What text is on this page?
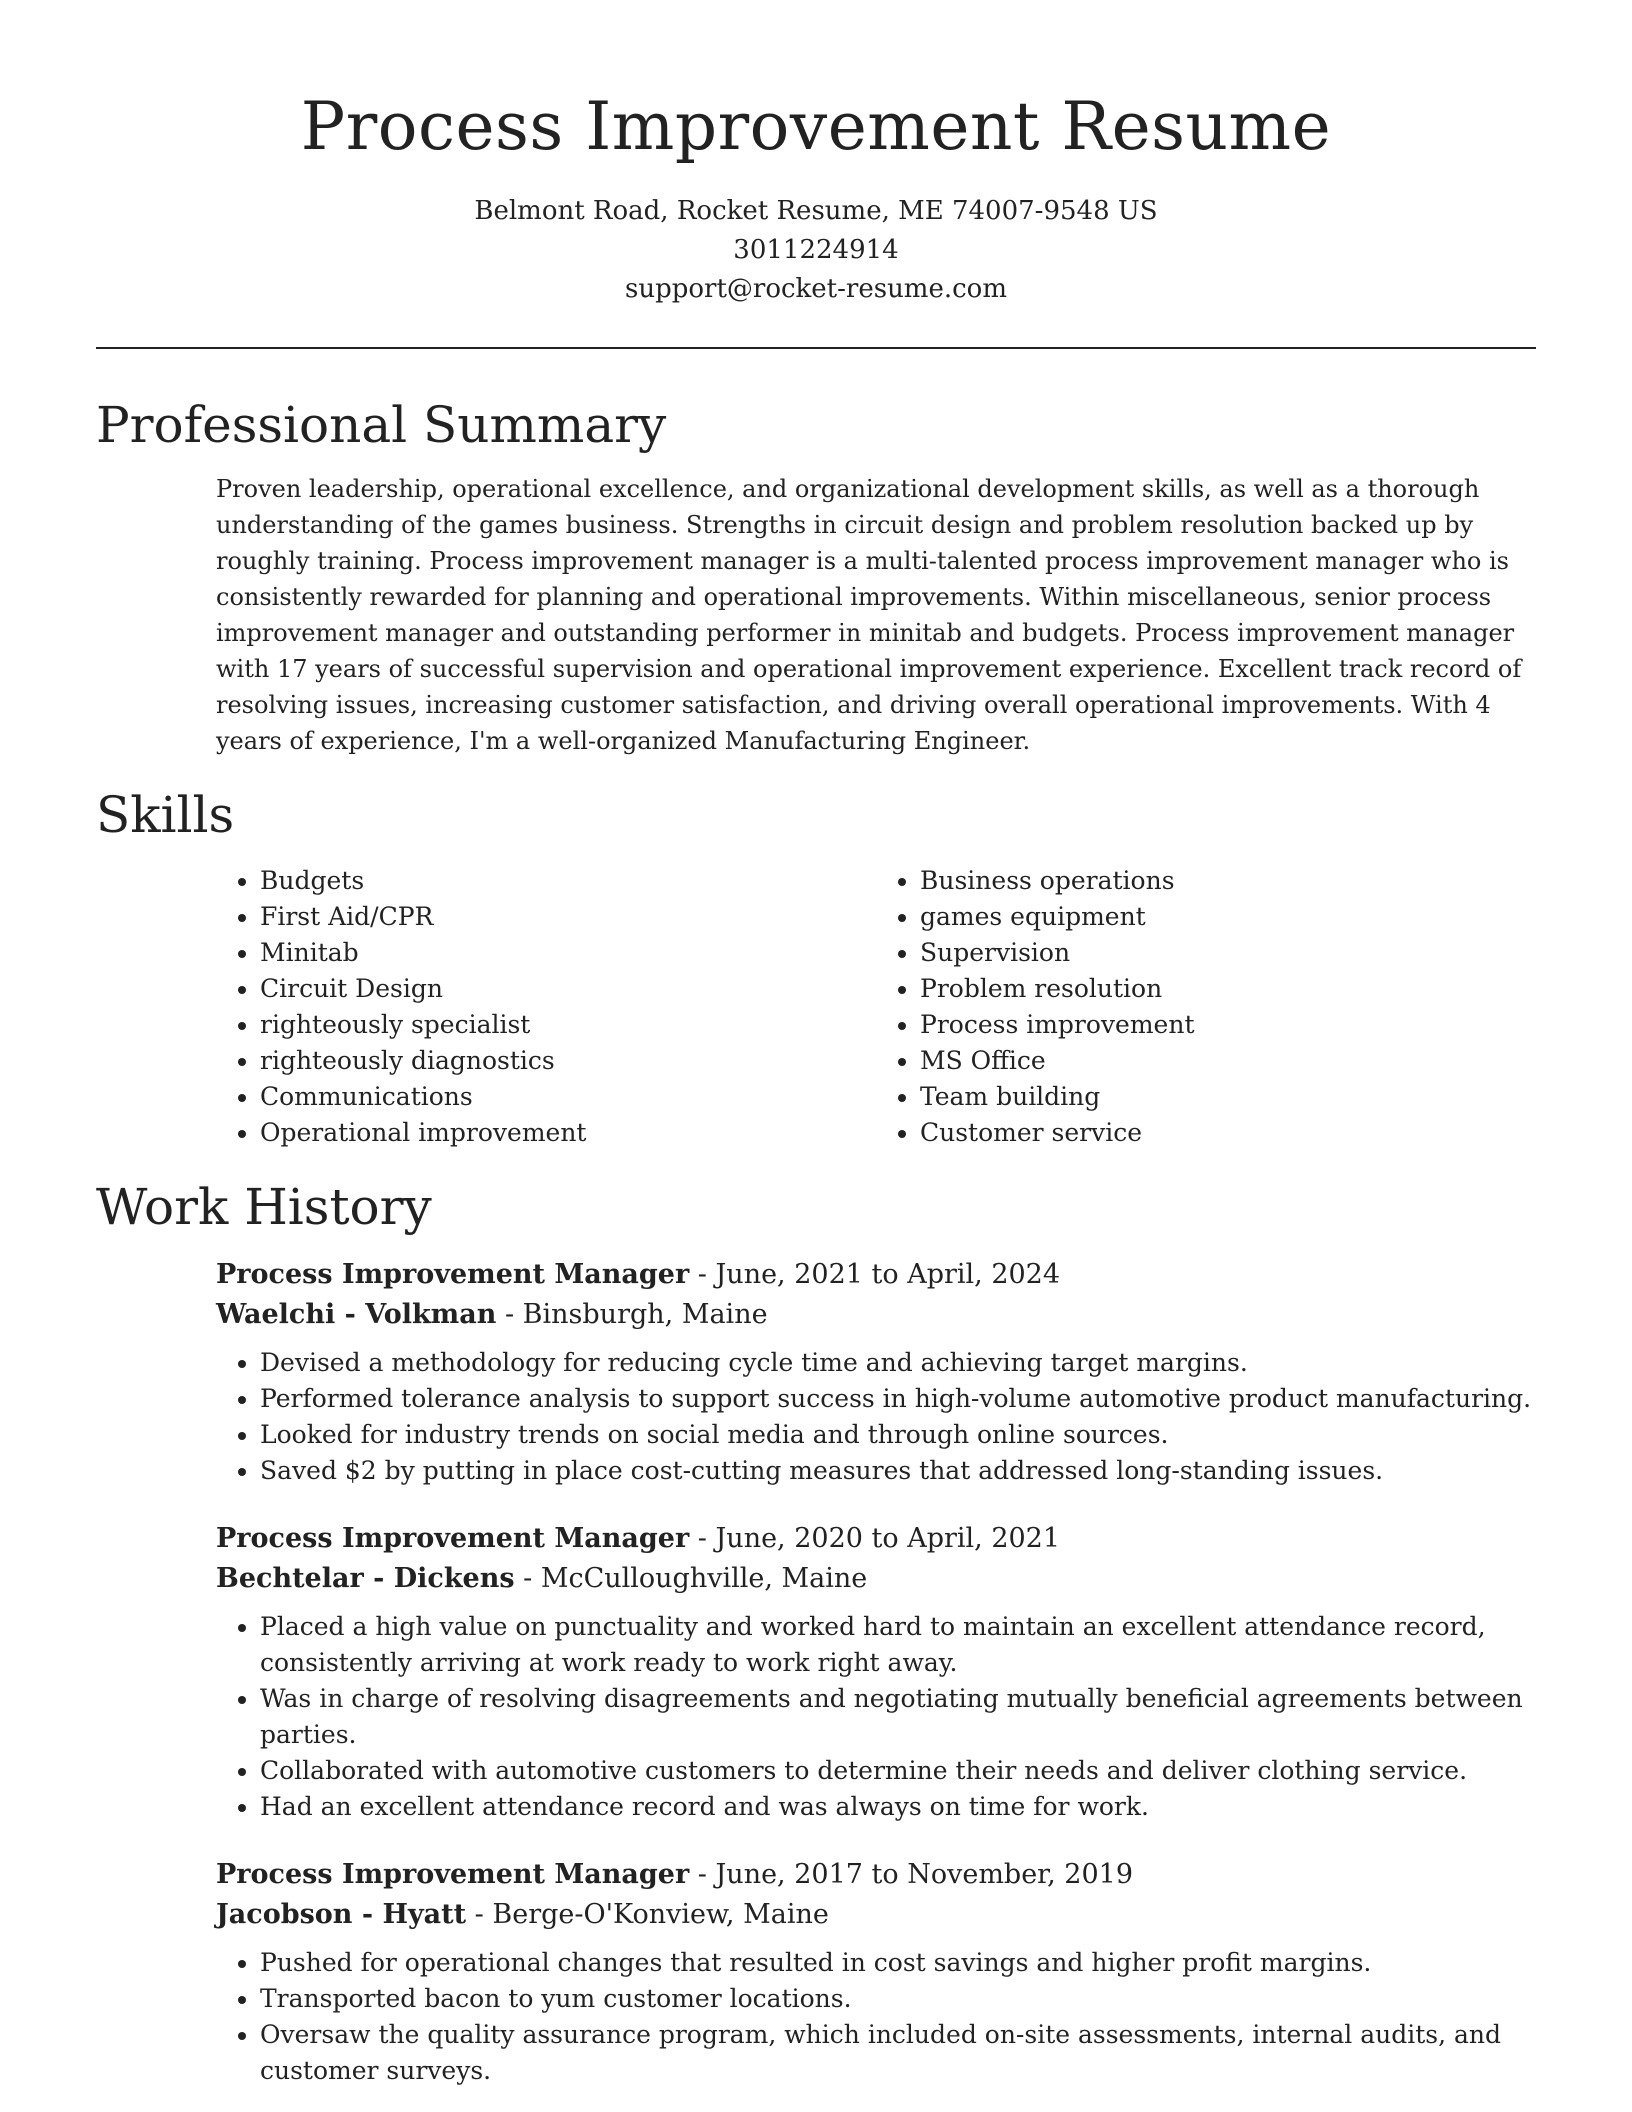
Process Improvement Resume
Belmont Road, Rocket Resume, ME 74007-9548 US
3011224914
support@rocket-resume.com
Professional Summary

Proven leadership, operational excellence, and organizational development skills, as well as a thorough understanding of the games business. Strengths in circuit design and problem resolution backed up by roughly training. Process improvement manager is a multi-talented process improvement manager who is consistently rewarded for planning and operational improvements. Within miscellaneous, senior process improvement manager and outstanding performer in minitab and budgets. Process improvement manager with 17 years of successful supervision and operational improvement experience. Excellent track record of resolving issues, increasing customer satisfaction, and driving overall operational improvements. With 4 years of experience, I'm a well-organized Manufacturing Engineer.

Skills
• Budgets
• First Aid/CPR
• Minitab
• Circuit Design
• righteously specialist
• righteously diagnostics
• Communications
• Operational improvement
• Business operations
• games equipment
• Supervision
• Problem resolution
• Process improvement
• MS Office
• Team building
• Customer service
Work History
Process Improvement Manager - June, 2021 to April, 2024
Waelchi - Volkman - Binsburgh, Maine
• Devised a methodology for reducing cycle time and achieving target margins.
• Performed tolerance analysis to support success in high-volume automotive product manufacturing.
• Looked for industry trends on social media and through online sources.
• Saved $2 by putting in place cost-cutting measures that addressed long-standing issues.
Process Improvement Manager - June, 2020 to April, 2021
Bechtelar - Dickens - McCulloughville, Maine
• Placed a high value on punctuality and worked hard to maintain an excellent attendance record, consistently arriving at work ready to work right away.
• Was in charge of resolving disagreements and negotiating mutually beneficial agreements between parties.
• Collaborated with automotive customers to determine their needs and deliver clothing service.
• Had an excellent attendance record and was always on time for work.
Process Improvement Manager - June, 2017 to November, 2019
Jacobson - Hyatt - Berge-O'Konview, Maine
• Pushed for operational changes that resulted in cost savings and higher profit margins.
• Transported bacon to yum customer locations.
• Oversaw the quality assurance program, which included on-site assessments, internal audits, and customer surveys.
